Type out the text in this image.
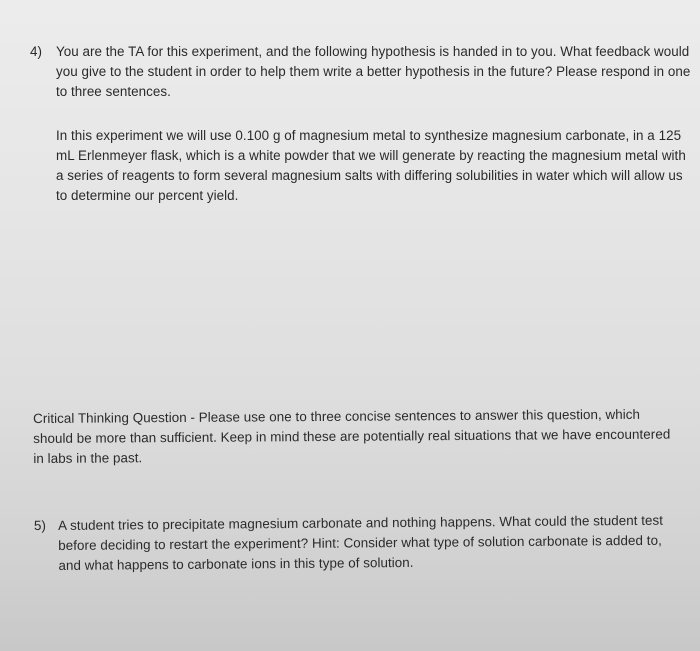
4) You are the TA for this experiment, and the following hypothesis is handed in to you. What feedback would you give to the student in order to help them write a better hypothesis in the future? Please respond in one to three sentences.
In this experiment we will use 0.100 g of magnesium metal to synthesize magnesium carbonate, in a 125 mL Erlenmeyer flask, which is a white powder that we will generate by reacting the magnesium metal with a series of reagents to form several magnesium salts with differing solubilities in water which will allow us to determine our percent yield.
Critical Thinking Question - Please use one to three concise sentences to answer this question, which should be more than sufficient. Keep in mind these are potentially real situations that we have encountered in labs in the past.
5) A student tries to precipitate magnesium carbonate and nothing happens. What could the student test before deciding to restart the experiment? Hint: Consider what type of solution carbonate is added to, and what happens to carbonate ions in this type of solution.
